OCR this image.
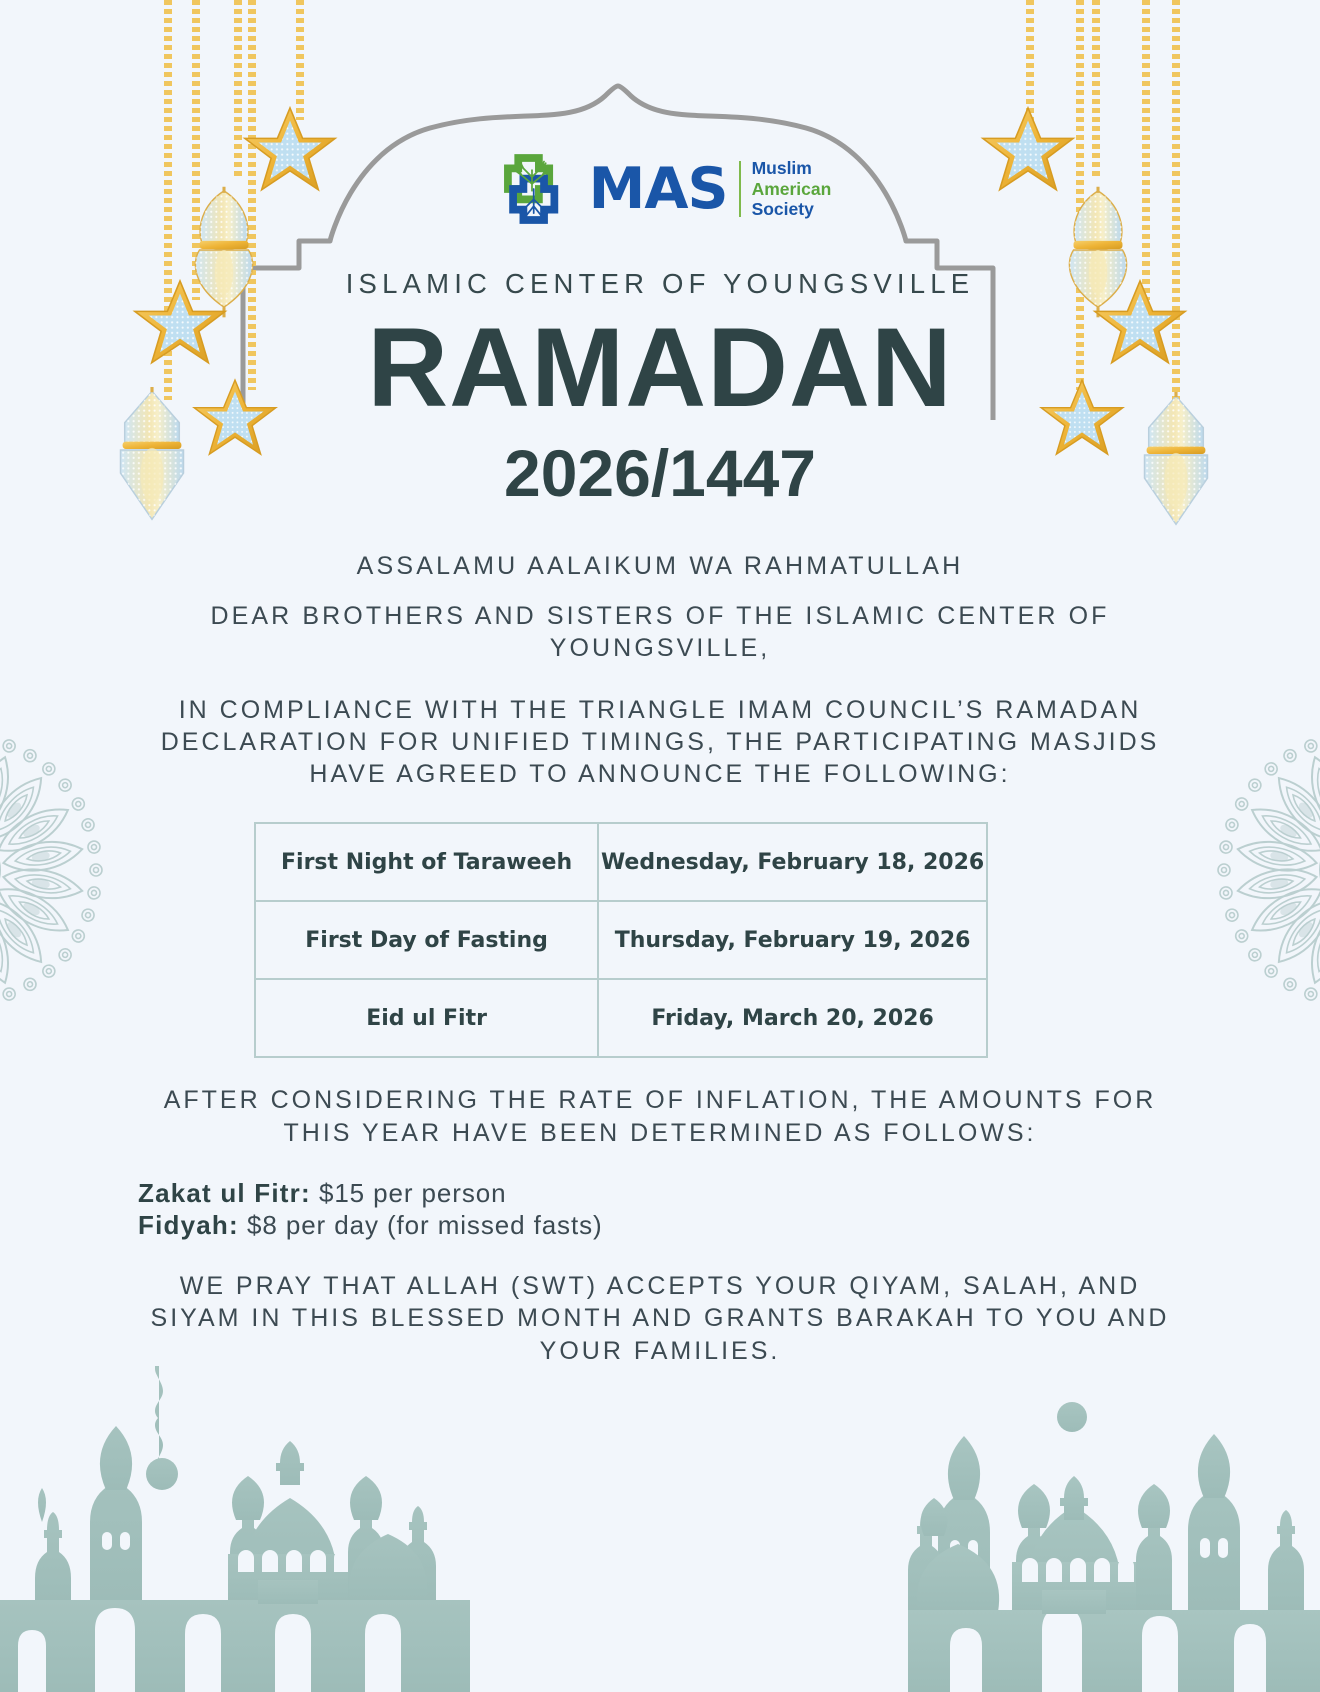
MAS Muslim
American
Society
ISLAMIC CENTER OF YOUNGSVILLE
RAMADAN
2026/1447
ASSALAMU AALAIKUM WA RAHMATULLAH
DEAR BROTHERS AND SISTERS OF THE ISLAMIC CENTER OF YOUNGSVILLE,
IN COMPLIANCE WITH THE TRIANGLE IMAM COUNCIL’S RAMADAN DECLARATION FOR UNIFIED TIMINGS, THE PARTICIPATING MASJIDS HAVE AGREED TO ANNOUNCE THE FOLLOWING:
First Night of Taraweeh	Wednesday, February 18, 2026
First Day of Fasting	Thursday, February 19, 2026
Eid ul Fitr	Friday, March 20, 2026
AFTER CONSIDERING THE RATE OF INFLATION, THE AMOUNTS FOR THIS YEAR HAVE BEEN DETERMINED AS FOLLOWS:
Zakat ul Fitr: $15 per person
Fidyah: $8 per day (for missed fasts)
WE PRAY THAT ALLAH (SWT) ACCEPTS YOUR QIYAM, SALAH, AND SIYAM IN THIS BLESSED MONTH AND GRANTS BARAKAH TO YOU AND YOUR FAMILIES.
